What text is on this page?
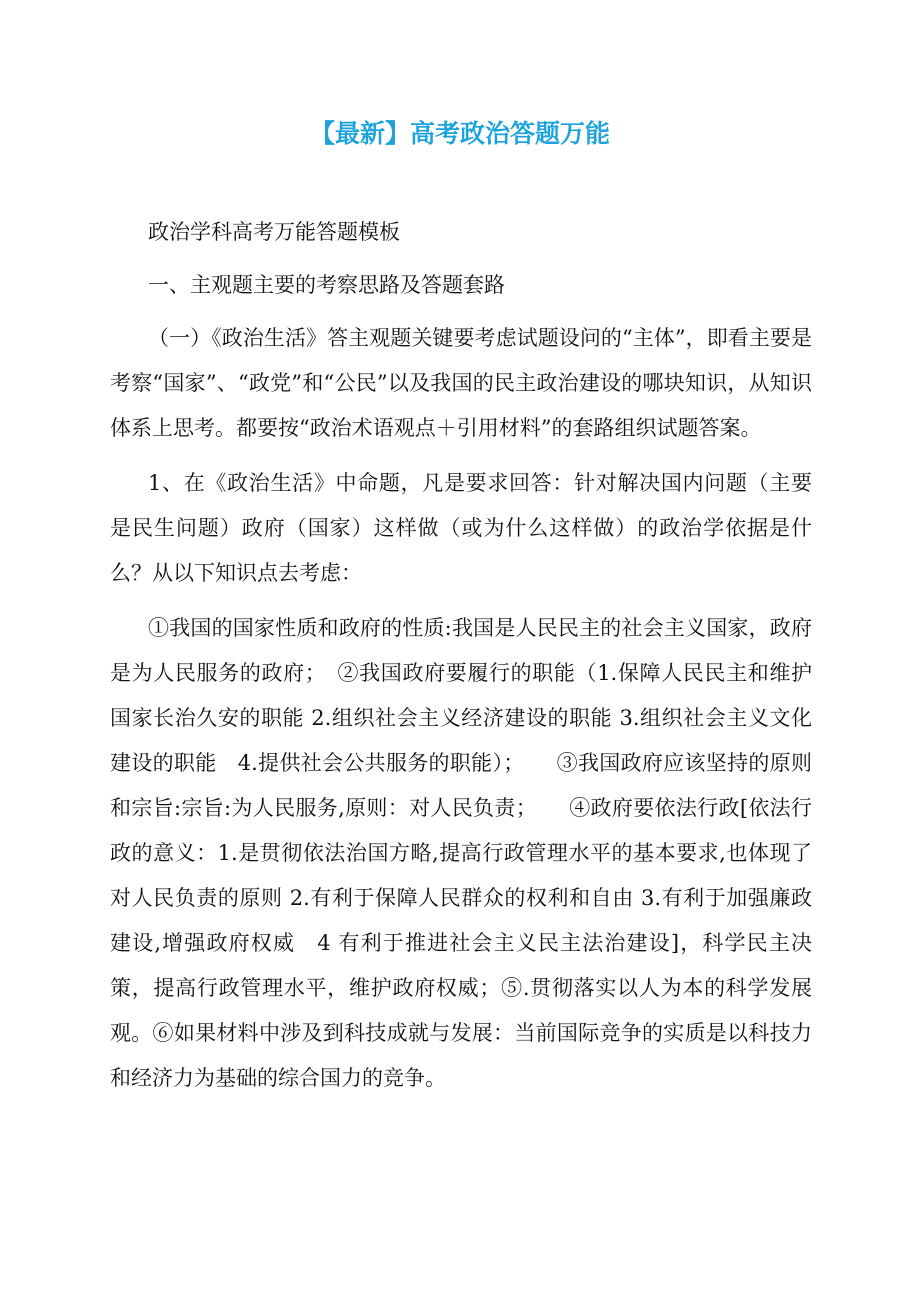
【最新】高考政治答题万能

政治学科高考万能答题模板

一、主观题主要的考察思路及答题套路

（一）《政治生活》答主观题关键要考虑试题设问的“主体”，即看主要是考察“国家”、“政党”和“公民”以及我国的民主政治建设的哪块知识，从知识体系上思考。都要按“政治术语观点＋引用材料”的套路组织试题答案。

1、在《政治生活》中命题，凡是要求回答：针对解决国内问题（主要是民生问题）政府（国家）这样做（或为什么这样做）的政治学依据是什么？从以下知识点去考虑：

①我国的国家性质和政府的性质:我国是人民民主的社会主义国家，政府是为人民服务的政府；　②我国政府要履行的职能（1.保障人民民主和维护国家长治久安的职能 2.组织社会主义经济建设的职能 3.组织社会主义文化建设的职能　4.提供社会公共服务的职能）；　　③我国政府应该坚持的原则和宗旨:宗旨:为人民服务,原则：对人民负责；　　④政府要依法行政[依法行政的意义：1.是贯彻依法治国方略,提高行政管理水平的基本要求,也体现了对人民负责的原则 2.有利于保障人民群众的权利和自由 3.有利于加强廉政建设,增强政府权威　4 有利于推进社会主义民主法治建设]，科学民主决策，提高行政管理水平，维护政府权威；⑤.贯彻落实以人为本的科学发展观。⑥如果材料中涉及到科技成就与发展：当前国际竞争的实质是以科技力和经济力为基础的综合国力的竞争。
